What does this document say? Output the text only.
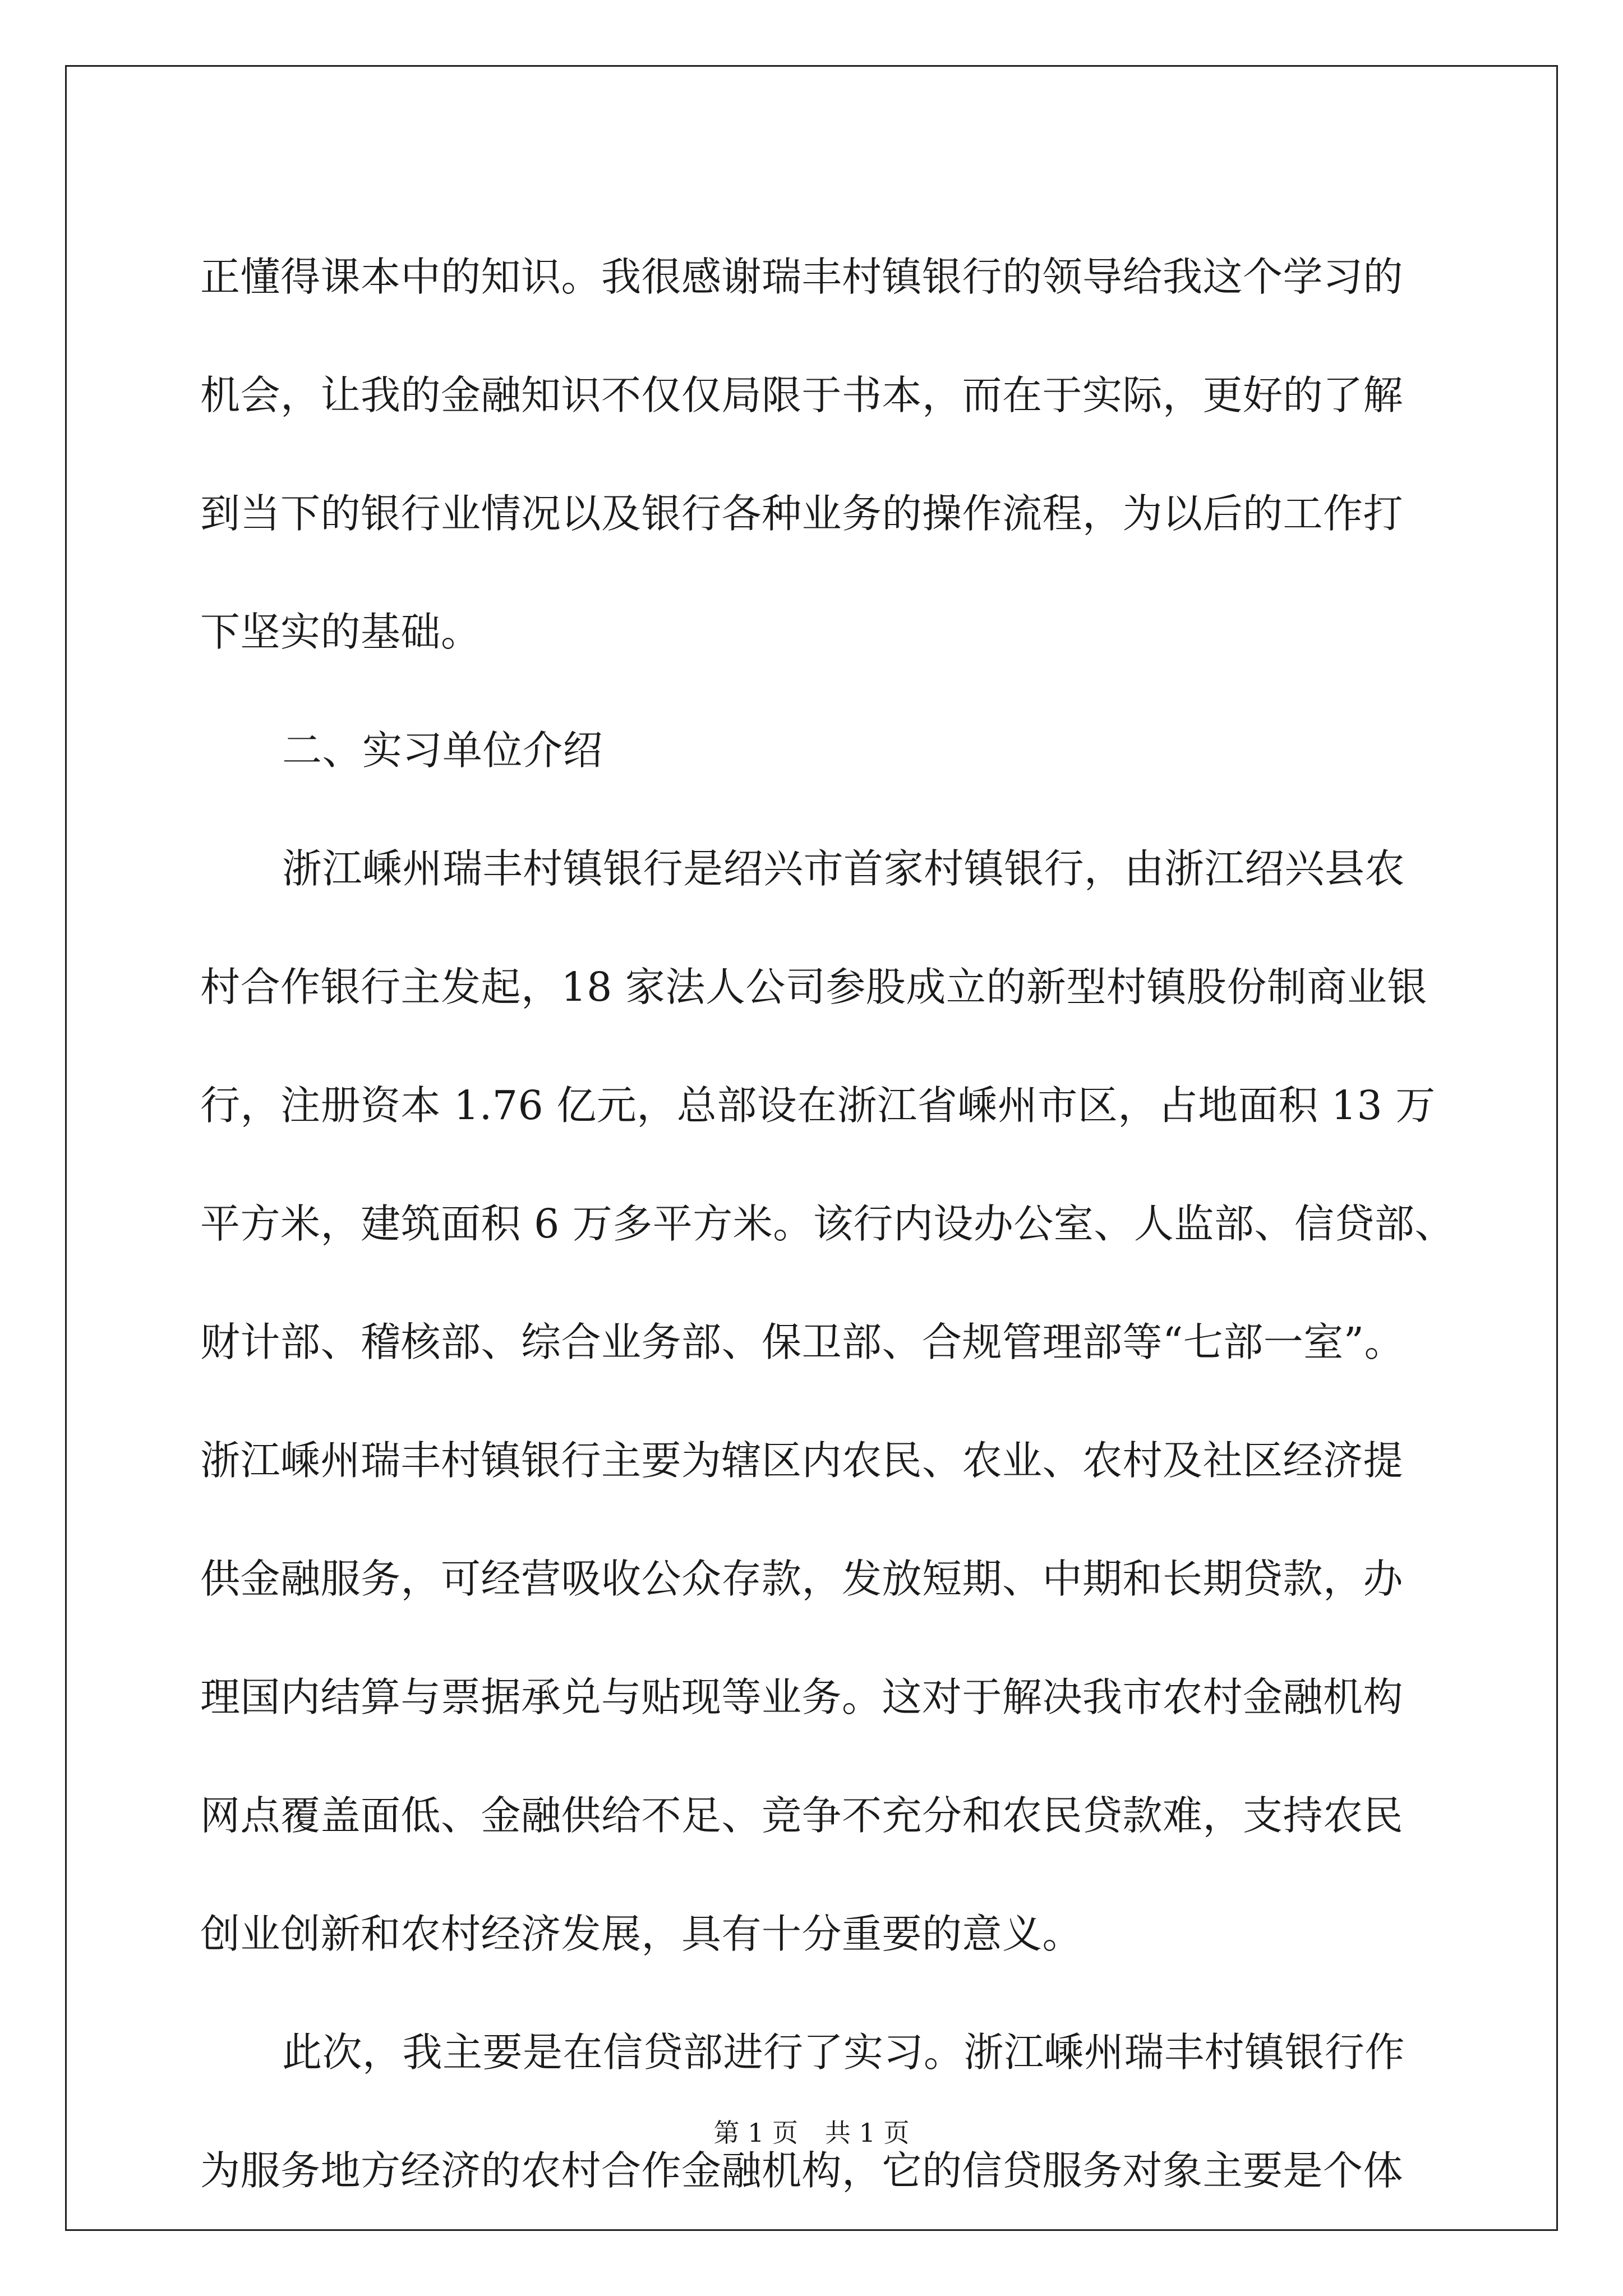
正懂得课本中的知识。我很感谢瑞丰村镇银行的领导给我这个学习的
机会，让我的金融知识不仅仅局限于书本，而在于实际，更好的了解
到当下的银行业情况以及银行各种业务的操作流程，为以后的工作打
下坚实的基础。
二、实习单位介绍
浙江嵊州瑞丰村镇银行是绍兴市首家村镇银行，由浙江绍兴县农
村合作银行主发起，18 家法人公司参股成立的新型村镇股份制商业银
行，注册资本 1.76 亿元，总部设在浙江省嵊州市区，占地面积 13 万
平方米，建筑面积 6 万多平方米。该行内设办公室、人监部、信贷部、
财计部、稽核部、综合业务部、保卫部、合规管理部等“七部一室”。
浙江嵊州瑞丰村镇银行主要为辖区内农民、农业、农村及社区经济提
供金融服务，可经营吸收公众存款，发放短期、中期和长期贷款，办
理国内结算与票据承兑与贴现等业务。这对于解决我市农村金融机构
网点覆盖面低、金融供给不足、竞争不充分和农民贷款难，支持农民
创业创新和农村经济发展，具有十分重要的意义。
此次，我主要是在信贷部进行了实习。浙江嵊州瑞丰村镇银行作
为服务地方经济的农村合作金融机构，它的信贷服务对象主要是个体
第 1 页 共 1 页
